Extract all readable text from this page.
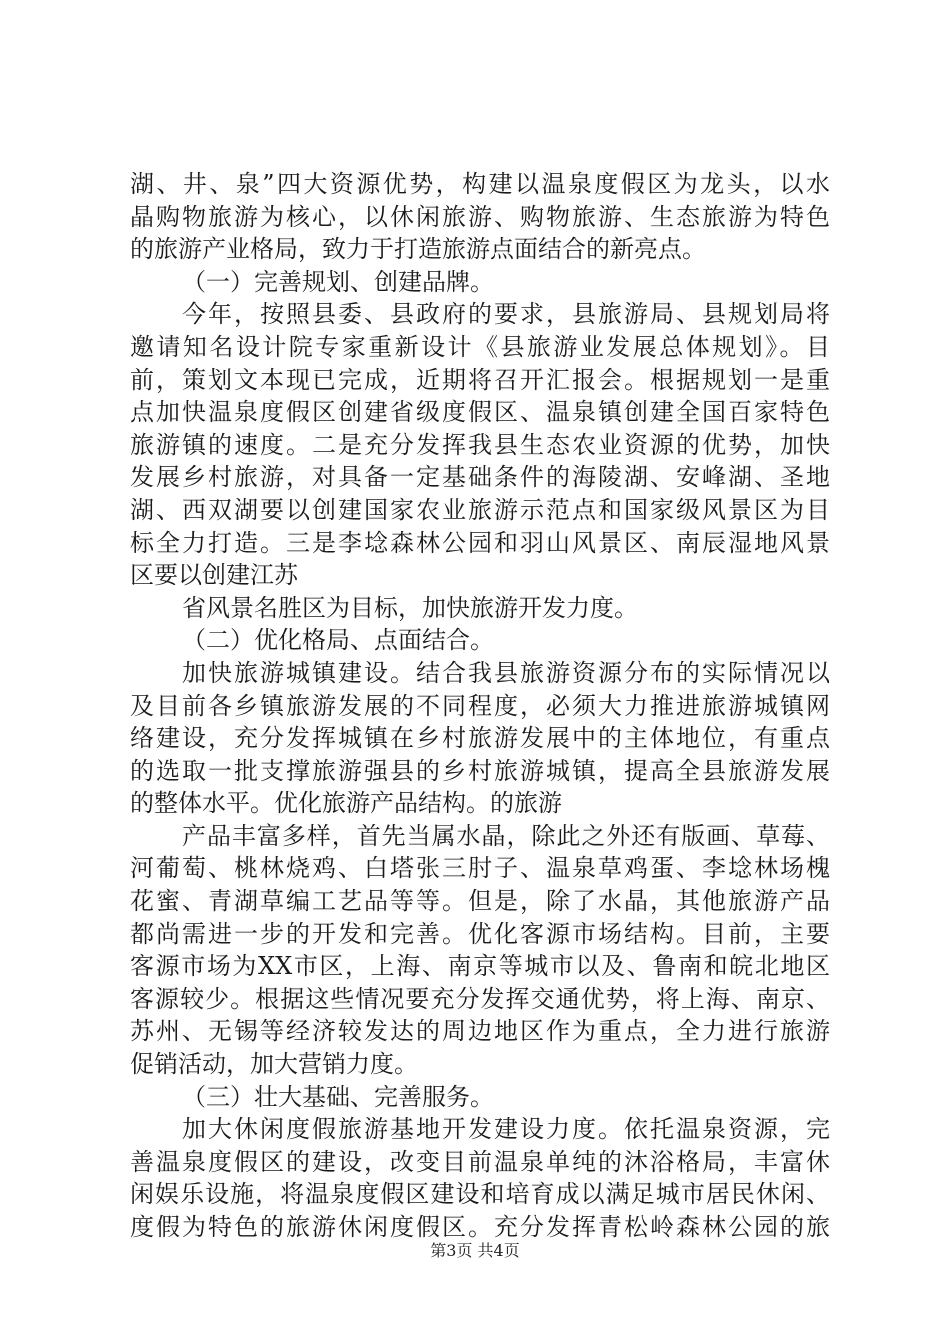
湖、井、泉”四大资源优势，构建以温泉度假区为龙头，以水
晶购物旅游为核心，以休闲旅游、购物旅游、生态旅游为特色
的旅游产业格局，致力于打造旅游点面结合的新亮点。
（一）完善规划、创建品牌。
今年，按照县委、县政府的要求，县旅游局、县规划局将
邀请知名设计院专家重新设计《县旅游业发展总体规划》。目
前，策划文本现已完成，近期将召开汇报会。根据规划一是重
点加快温泉度假区创建省级度假区、温泉镇创建全国百家特色
旅游镇的速度。二是充分发挥我县生态农业资源的优势，加快
发展乡村旅游，对具备一定基础条件的海陵湖、安峰湖、圣地
湖、西双湖要以创建国家农业旅游示范点和国家级风景区为目
标全力打造。三是李埝森林公园和羽山风景区、南辰湿地风景
区要以创建江苏
省风景名胜区为目标，加快旅游开发力度。
（二）优化格局、点面结合。
加快旅游城镇建设。结合我县旅游资源分布的实际情况以
及目前各乡镇旅游发展的不同程度，必须大力推进旅游城镇网
络建设，充分发挥城镇在乡村旅游发展中的主体地位，有重点
的选取一批支撑旅游强县的乡村旅游城镇，提高全县旅游发展
的整体水平。优化旅游产品结构。的旅游
产品丰富多样，首先当属水晶，除此之外还有版画、草莓、
河葡萄、桃林烧鸡、白塔张三肘子、温泉草鸡蛋、李埝林场槐
花蜜、青湖草编工艺品等等。但是，除了水晶，其他旅游产品
都尚需进一步的开发和完善。优化客源市场结构。目前，主要
客源市场为XX市区，上海、南京等城市以及、鲁南和皖北地区
客源较少。根据这些情况要充分发挥交通优势，将上海、南京、
苏州、无锡等经济较发达的周边地区作为重点，全力进行旅游
促销活动，加大营销力度。
（三）壮大基础、完善服务。
加大休闲度假旅游基地开发建设力度。依托温泉资源，完
善温泉度假区的建设，改变目前温泉单纯的沐浴格局，丰富休
闲娱乐设施，将温泉度假区建设和培育成以满足城市居民休闲、
度假为特色的旅游休闲度假区。充分发挥青松岭森林公园的旅
第3页 共4页
